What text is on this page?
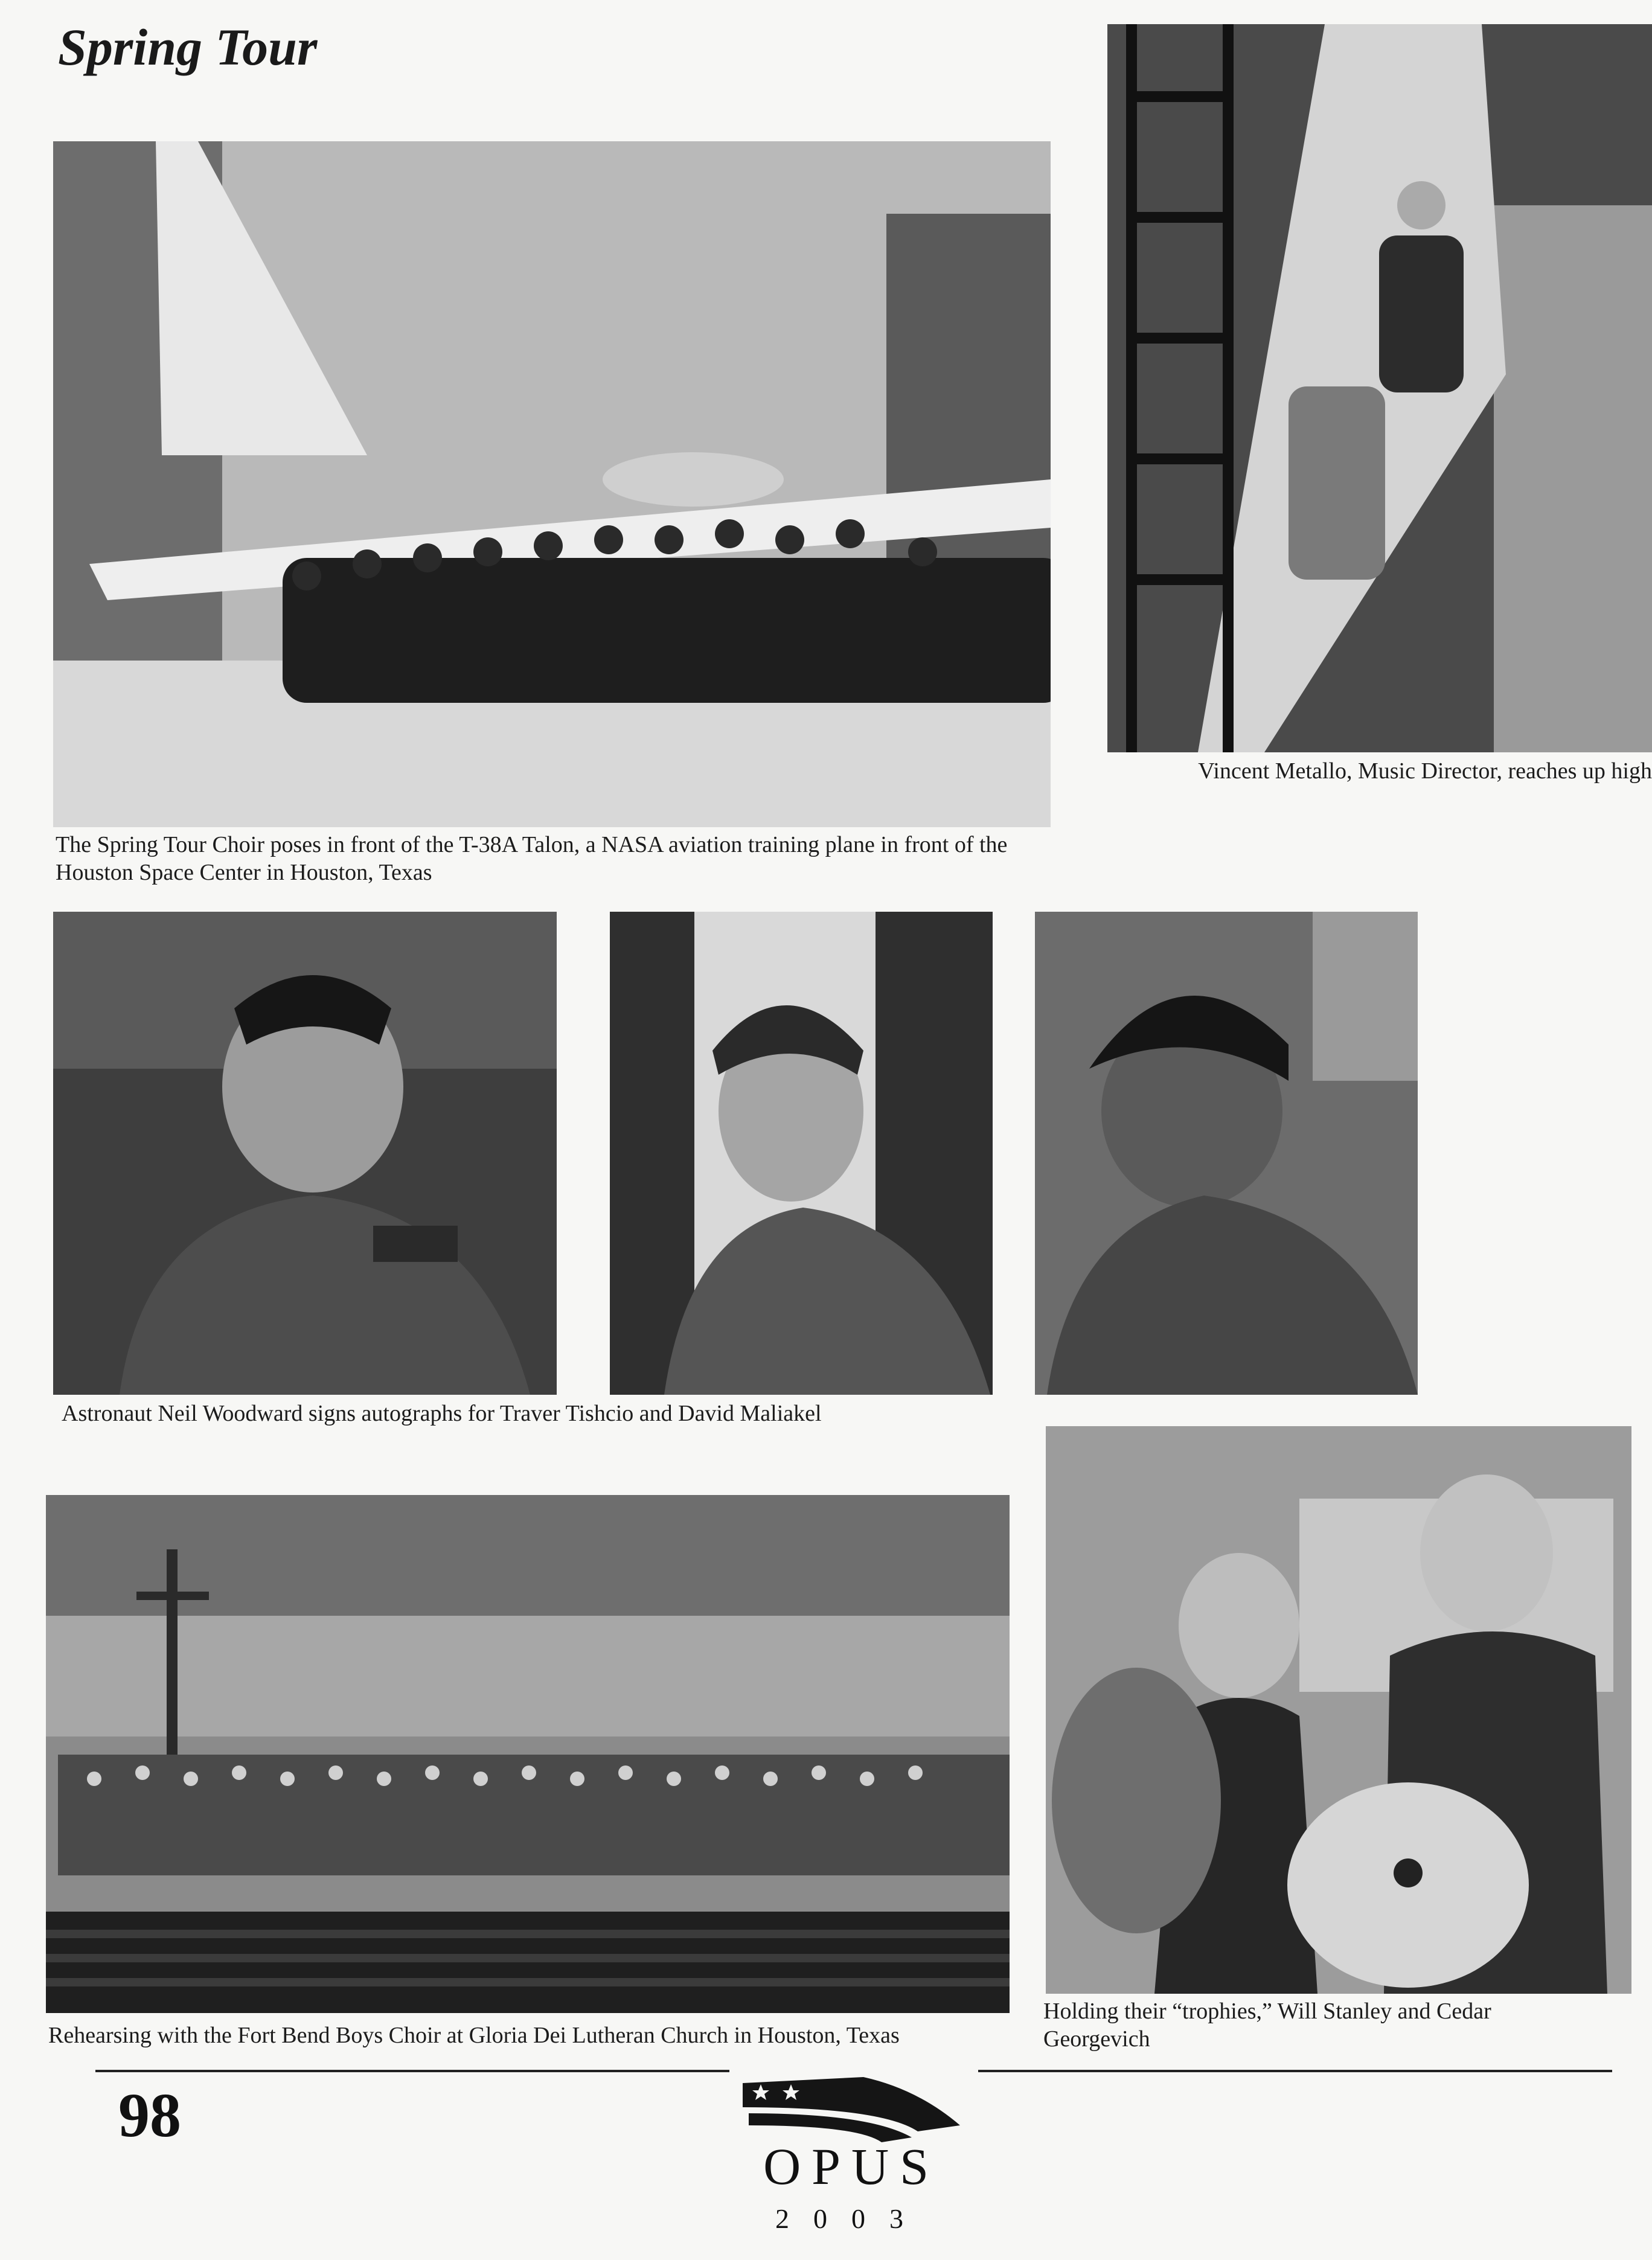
Spring Tour
The Spring Tour Choir poses in front of the T-38A Talon, a NASA aviation training plane in front of the Houston Space Center in Houston, Texas
Vincent Metallo, Music Director, reaches up high
Astronaut Neil Woodward signs autographs for Traver Tishcio and David Maliakel
Rehearsing with the Fort Bend Boys Choir at Gloria Dei Lutheran Church in Houston, Texas
Holding their “trophies,” Will Stanley and Cedar Georgevich
98
OPUS
2003
